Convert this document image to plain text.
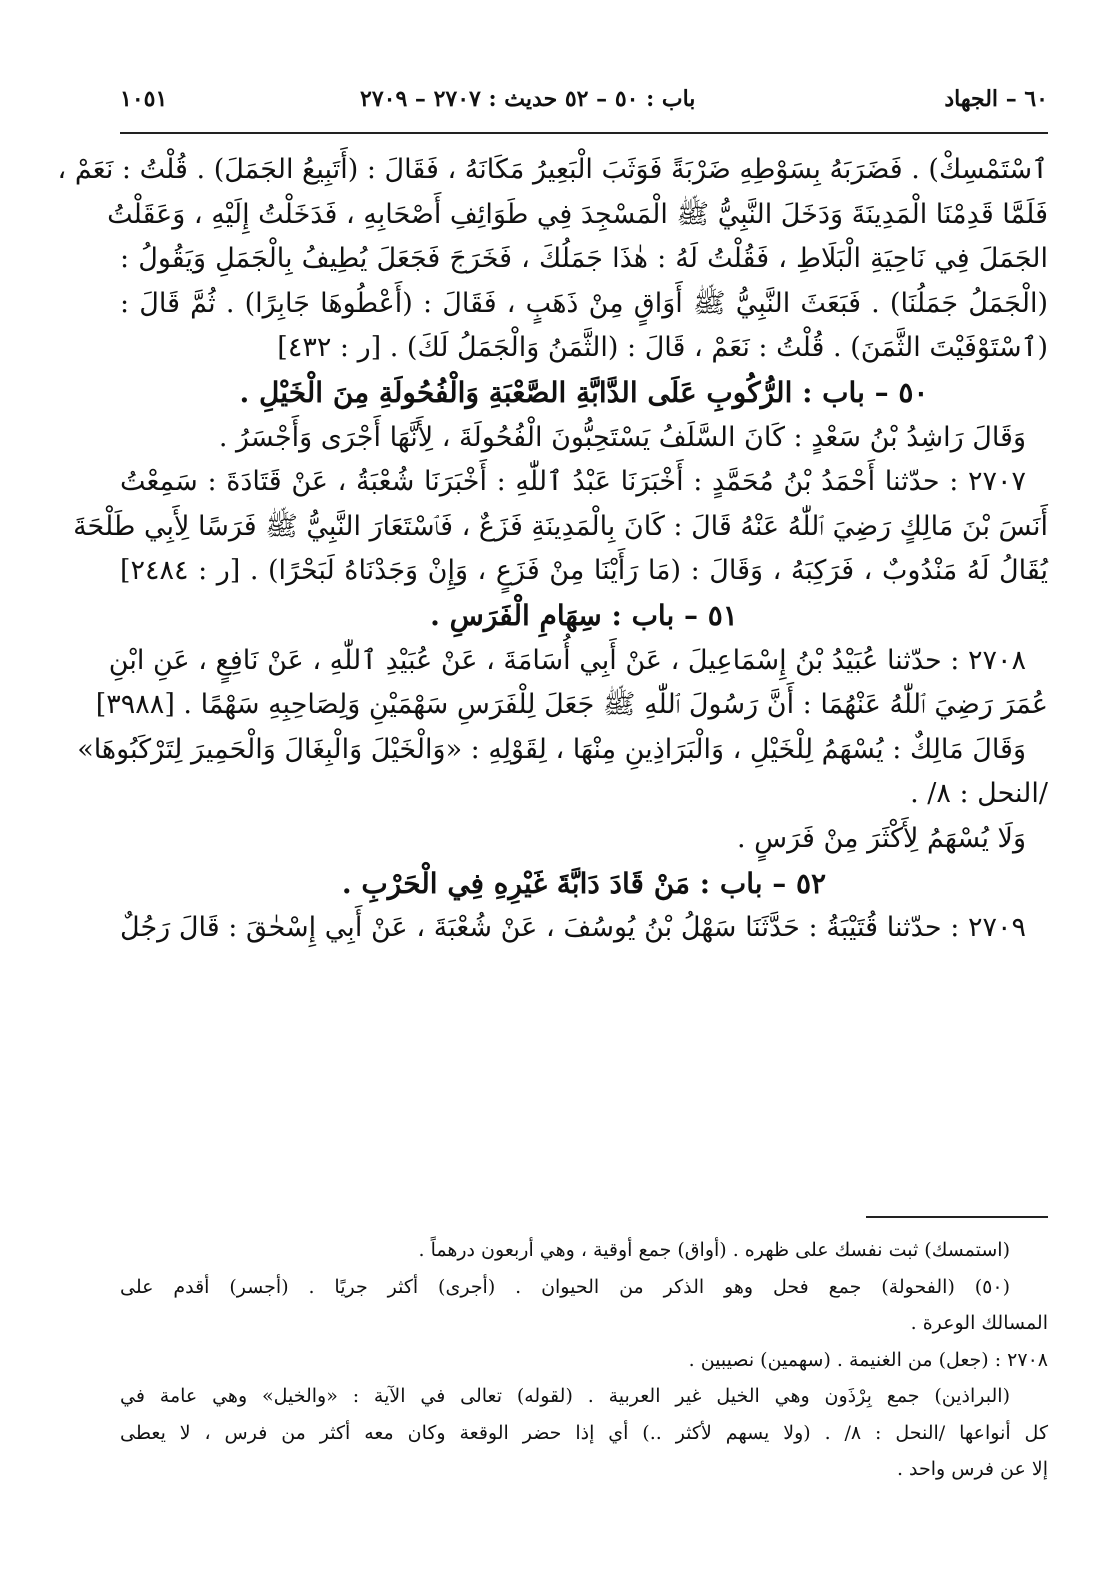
٦٠ – الجهاد
باب : ٥٠ – ٥٢ حديث : ٢٧٠٧ – ٢٧٠٩
١٠٥١
ٱسْتَمْسِكْ) . فَضَرَبَهُ بِسَوْطِهِ ضَرْبَةً فَوَثَبَ الْبَعِيرُ مَكَانَهُ ، فَقَالَ : (أَتَبِيعُ الجَمَلَ) . قُلْتُ : نَعَمْ ،
فَلَمَّا قَدِمْنَا الْمَدِينَةَ وَدَخَلَ النَّبِيُّ ﷺ الْمَسْجِدَ فِي طَوَائِفِ أَصْحَابِهِ ، فَدَخَلْتُ إِلَيْهِ ، وَعَقَلْتُ
الجَمَلَ فِي نَاحِيَةِ الْبَلَاطِ ، فَقُلْتُ لَهُ : هٰذَا جَمَلُكَ ، فَخَرَجَ فَجَعَلَ يُطِيفُ بِالْجَمَلِ وَيَقُولُ :
(الْجَمَلُ جَمَلُنَا) . فَبَعَثَ النَّبِيُّ ﷺ أَوَاقٍ مِنْ ذَهَبٍ ، فَقَالَ : (أَعْطُوهَا جَابِرًا) . ثُمَّ قَالَ :
(ٱسْتَوْفَيْتَ الثَّمَنَ) . قُلْتُ : نَعَمْ ، قَالَ : (الثَّمَنُ وَالْجَمَلُ لَكَ) . [ر : ٤٣٢]
٥٠ – باب : الرُّكُوبِ عَلَى الدَّابَّةِ الصَّعْبَةِ وَالْفُحُولَةِ مِنَ الْخَيْلِ .
وَقَالَ رَاشِدُ بْنُ سَعْدٍ : كَانَ السَّلَفُ يَسْتَحِبُّونَ الْفُحُولَةَ ، لِأَنَّهَا أَجْرَى وَأَجْسَرُ .
٢٧٠٧ : حدّثنا أَحْمَدُ بْنُ مُحَمَّدٍ : أَخْبَرَنَا عَبْدُ ٱللّٰهِ : أَخْبَرَنَا شُعْبَةُ ، عَنْ قَتَادَةَ : سَمِعْتُ
أَنَسَ بْنَ مَالِكٍ رَضِيَ ٱللّٰهُ عَنْهُ قَالَ : كَانَ بِالْمَدِينَةِ فَزَعٌ ، فَٱسْتَعَارَ النَّبِيُّ ﷺ فَرَسًا لِأَبِي طَلْحَةَ
يُقَالُ لَهُ مَنْدُوبٌ ، فَرَكِبَهُ ، وَقَالَ : (مَا رَأَيْنَا مِنْ فَزَعٍ ، وَإِنْ وَجَدْنَاهُ لَبَحْرًا) . [ر : ٢٤٨٤]
٥١ – باب : سِهَامِ الْفَرَسِ .
٢٧٠٨ : حدّثنا عُبَيْدُ بْنُ إِسْمَاعِيلَ ، عَنْ أَبِي أُسَامَةَ ، عَنْ عُبَيْدِ ٱللّٰهِ ، عَنْ نَافِعٍ ، عَنِ ابْنِ
عُمَرَ رَضِيَ ٱللّٰهُ عَنْهُمَا : أَنَّ رَسُولَ ٱللّٰهِ ﷺ جَعَلَ لِلْفَرَسِ سَهْمَيْنِ وَلِصَاحِبِهِ سَهْمًا . [٣٩٨٨]
وَقَالَ مَالِكٌ : يُسْهَمُ لِلْخَيْلِ ، وَالْبَرَاذِينِ مِنْهَا ، لِقَوْلِهِ : «وَالْخَيْلَ وَالْبِغَالَ وَالْحَمِيرَ لِتَرْكَبُوهَا»
/النحل : ٨/ .
وَلَا يُسْهَمُ لِأَكْثَرَ مِنْ فَرَسٍ .
٥٢ – باب : مَنْ قَادَ دَابَّةَ غَيْرِهِ فِي الْحَرْبِ .
٢٧٠٩ : حدّثنا قُتَيْبَةُ : حَدَّثَنَا سَهْلُ بْنُ يُوسُفَ ، عَنْ شُعْبَةَ ، عَنْ أَبِي إِسْحٰقَ : قَالَ رَجُلٌ
(استمسك) ثبت نفسك على ظهره . (أواق) جمع أوقية ، وهي أربعون درهماً .
(٥٠) (الفحولة) جمع فحل وهو الذكر من الحيوان . (أجرى) أكثر جريًا . (أجسر) أقدم على
المسالك الوعرة .
٢٧٠٨ : (جعل) من الغنيمة . (سهمين) نصيبين .
(البراذين) جمع بِرْذَون وهي الخيل غير العربية . (لقوله) تعالى في الآية : «والخيل» وهي عامة في
كل أنواعها /النحل : ٨/ . (ولا يسهم لأكثر ..) أي إذا حضر الوقعة وكان معه أكثر من فرس ، لا يعطى
إلا عن فرس واحد .
